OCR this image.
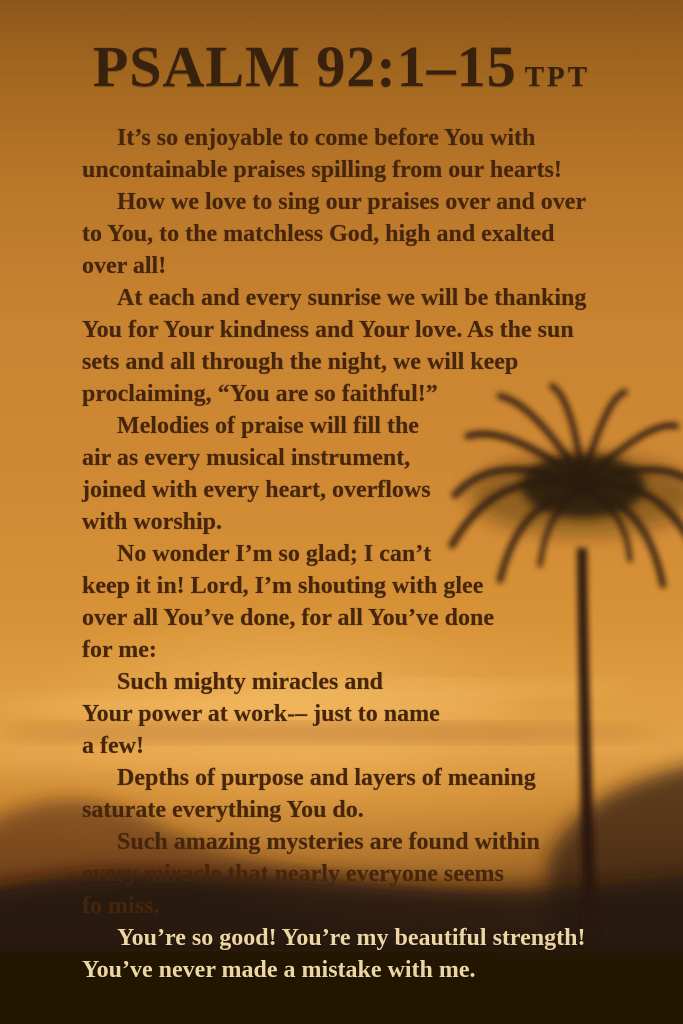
PSALM 92:1–15 TPT

It’s so enjoyable to come before You with
uncontainable praises spilling from our hearts!

How we love to sing our praises over and over
to You, to the matchless God, high and exalted
over all!

At each and every sunrise we will be thanking
You for Your kindness and Your love. As the sun
sets and all through the night, we will keep
proclaiming, “You are so faithful!”

Melodies of praise will fill the
air as every musical instrument,
joined with every heart, overflows
with worship.

No wonder I’m so glad; I can’t
keep it in! Lord, I’m shouting with glee
over all You’ve done, for all You’ve done
for me:

Such mighty miracles and
Your power at work-– just to name
a few!

Depths of purpose and layers of meaning
saturate everything You do.

Such amazing mysteries are found within
every miracle that nearly everyone seems
fo miss.

You’re so good! You’re my beautiful strength!
You’ve never made a mistake with me.
